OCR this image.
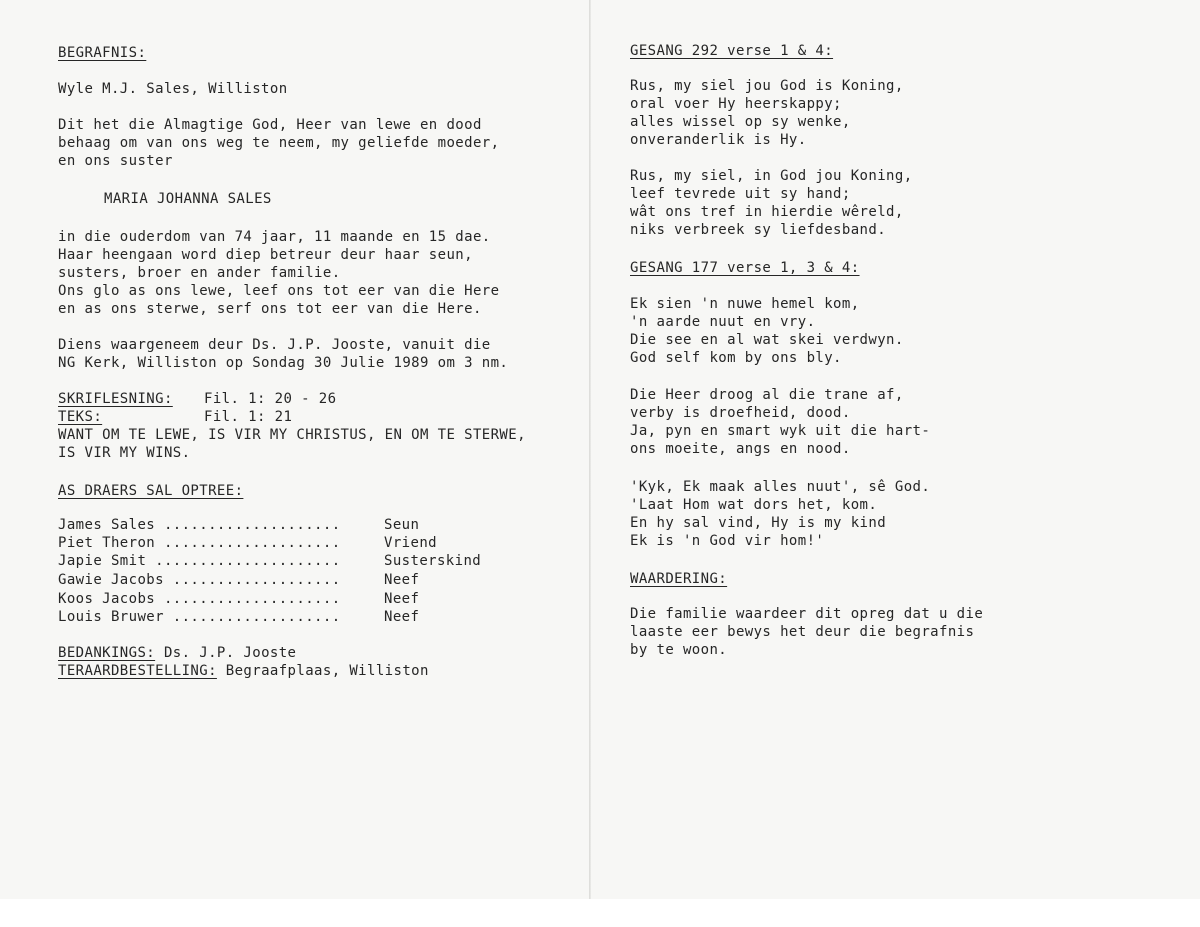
BEGRAFNIS:
Wyle M.J. Sales, Williston
Dit het die Almagtige God, Heer van lewe en dood
behaag om van ons weg te neem, my geliefde moeder,
en ons suster
MARIA JOHANNA SALES
in die ouderdom van 74 jaar, 11 maande en 15 dae.
Haar heengaan word diep betreur deur haar seun,
susters, broer en ander familie.
Ons glo as ons lewe, leef ons tot eer van die Here
en as ons sterwe, serf ons tot eer van die Here.
Diens waargeneem deur Ds. J.P. Jooste, vanuit die
NG Kerk, Williston op Sondag 30 Julie 1989 om 3 nm.
SKRIFLESNING: Fil. 1: 20 - 26
TEKS:	Fil. 1: 21
WANT OM TE LEWE, IS VIR MY CHRISTUS, EN OM TE STERWE,
IS VIR MY WINS.
AS DRAERS SAL OPTREE:
James Sales ....................	Seun
Piet Theron ....................	Vriend
Japie Smit .....................	Susterskind
Gawie Jacobs ...................	Neef
Koos Jacobs ....................	Neef
Louis Bruwer ...................	Neef
BEDANKINGS: Ds. J.P. Jooste
TERAARDBESTELLING: Begraafplaas, Williston
GESANG 292 verse 1 & 4:
Rus, my siel jou God is Koning,
oral voer Hy heerskappy;
alles wissel op sy wenke,
onveranderlik is Hy.
Rus, my siel, in God jou Koning,
leef tevrede uit sy hand;
wât ons tref in hierdie wêreld,
niks verbreek sy liefdesband.
GESANG 177 verse 1, 3 & 4:
Ek sien 'n nuwe hemel kom,
'n aarde nuut en vry.
Die see en al wat skei verdwyn.
God self kom by ons bly.
Die Heer droog al die trane af,
verby is droefheid, dood.
Ja, pyn en smart wyk uit die hart-
ons moeite, angs en nood.
'Kyk, Ek maak alles nuut', sê God.
'Laat Hom wat dors het, kom.
En hy sal vind, Hy is my kind
Ek is 'n God vir hom!'
WAARDERING:
Die familie waardeer dit opreg dat u die
laaste eer bewys het deur die begrafnis
by te woon.
